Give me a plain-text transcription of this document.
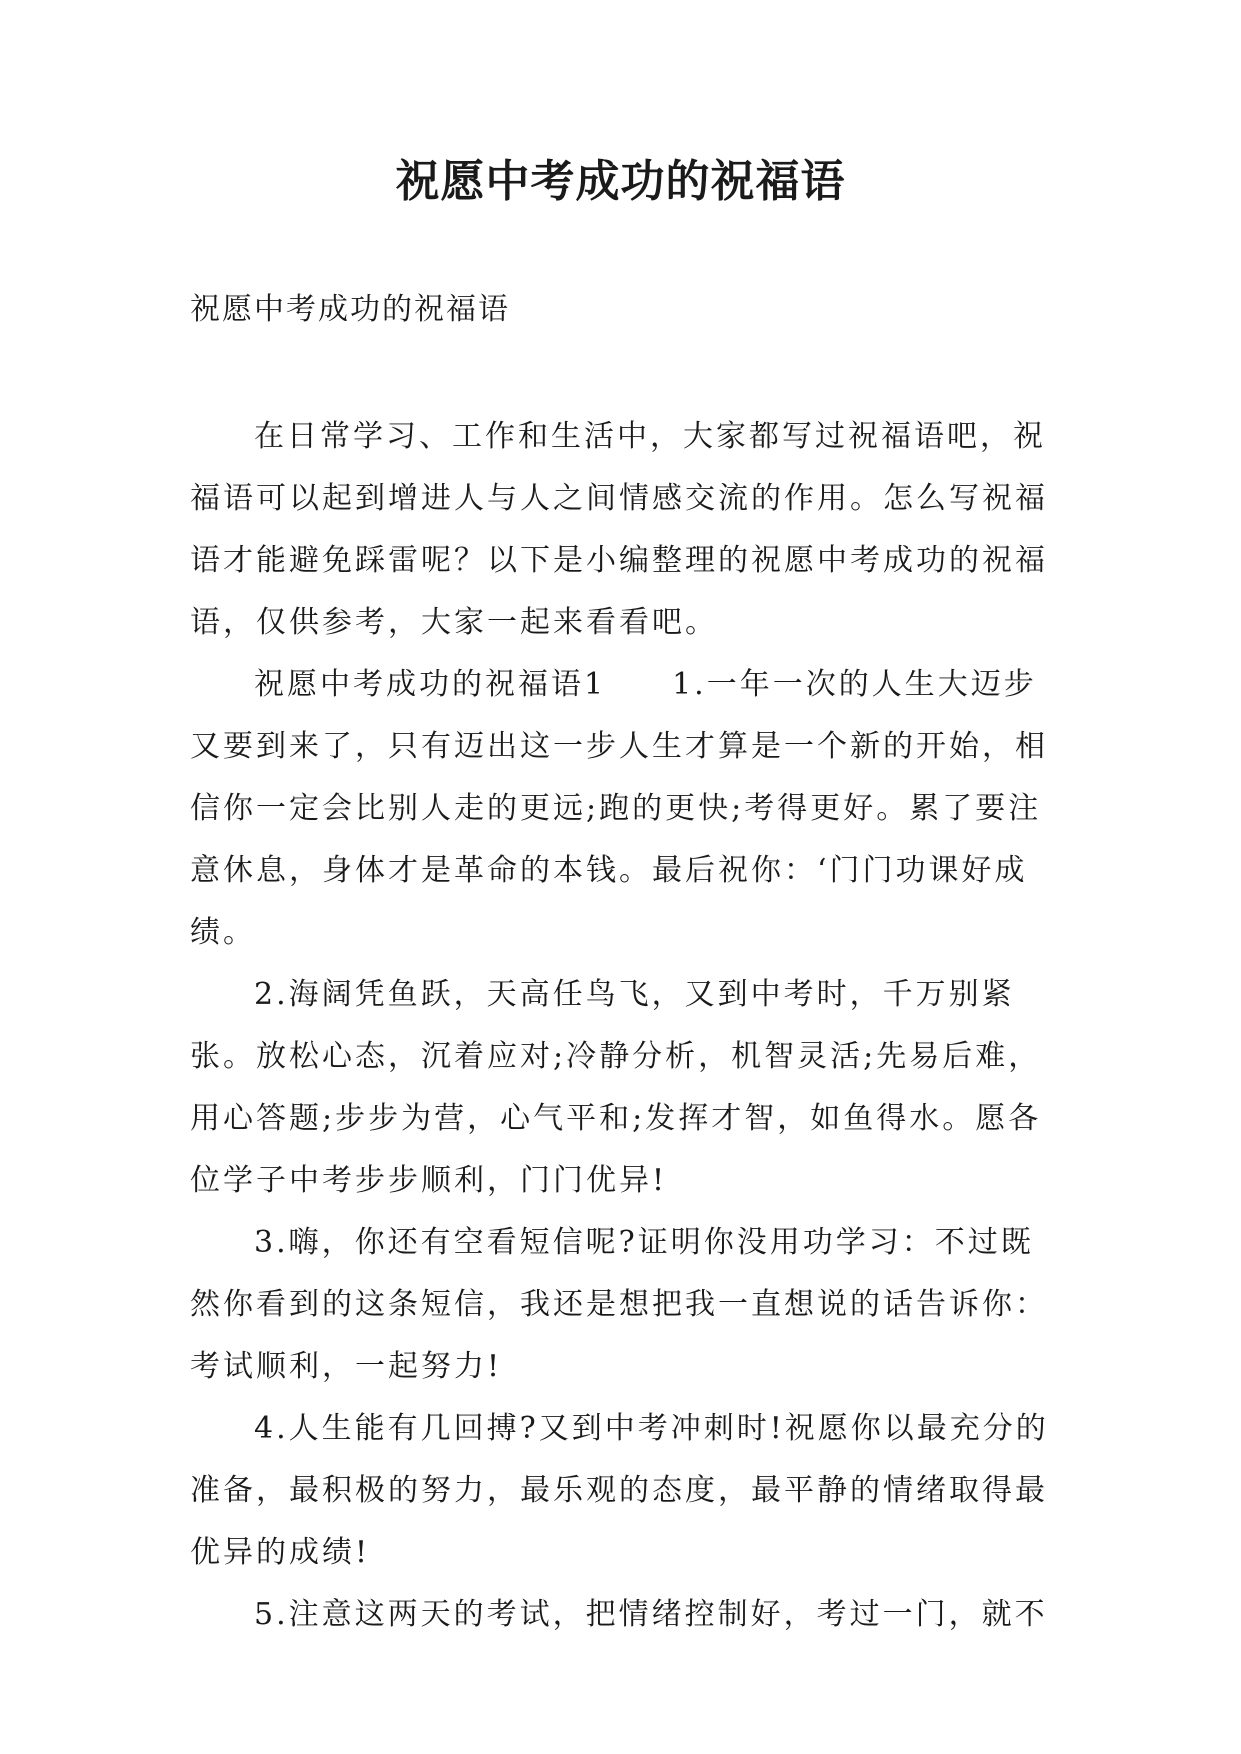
祝愿中考成功的祝福语
祝愿中考成功的祝福语

在日常学习、工作和生活中，大家都写过祝福语吧，祝福语可以起到增进人与人之间情感交流的作用。怎么写祝福语才能避免踩雷呢？以下是小编整理的祝愿中考成功的祝福语，仅供参考，大家一起来看看吧。

祝愿中考成功的祝福语1　　1.一年一次的人生大迈步又要到来了，只有迈出这一步人生才算是一个新的开始，相信你一定会比别人走的更远;跑的更快;考得更好。累了要注意休息，身体才是革命的本钱。最后祝你：‘门门功课好成绩。

2.海阔凭鱼跃，天高任鸟飞，又到中考时，千万别紧张。放松心态，沉着应对;冷静分析，机智灵活;先易后难，用心答题;步步为营，心气平和;发挥才智，如鱼得水。愿各位学子中考步步顺利，门门优异!

3.嗨，你还有空看短信呢?证明你没用功学习：不过既然你看到的这条短信，我还是想把我一直想说的话告诉你：考试顺利，一起努力!

4.人生能有几回搏?又到中考冲刺时!祝愿你以最充分的准备，最积极的努力，最乐观的态度，最平静的情绪取得最优异的成绩!

5.注意这两天的考试，把情绪控制好，考过一门，就不
